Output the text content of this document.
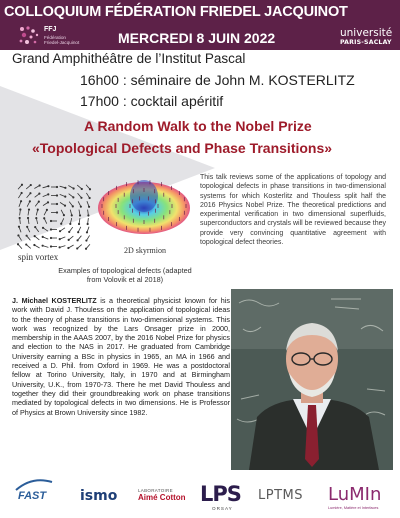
COLLOQUIUM FÉDÉRATION FRIEDEL JACQUINOT
FFJ
Fédération
Friedel-Jacquinot	MERCREDI 8 JUIN 2022	université
PARIS-SACLAY
Grand Amphithéâtre de l’Institut Pascal
16h00 : séminaire de John M. KOSTERLITZ
17h00 : cocktail apéritif
A Random Walk to the Nobel Prize
«Topological Defects and Phase Transitions»
This talk reviews some of the applications of topology and topological defects in phase transitions in two-dimensional systems for which Kosterlitz and Thouless split half the 2016 Physics Nobel Prize. The theoretical predictions and experimental verification in two dimensional superfluids, superconductors and crystals will be reviewed because they provide very convincing quantitative agreement with topological defect theories.
spin vortex
2D skyrmion
Examples of topological defects (adapted from Volovik et al 2018)
J. Michael KOSTERLITZ is a theoretical physicist known for his work with David J. Thouless on the application of topological ideas to the theory of phase transitions in two-dimensional systems. This work was recognized by the Lars Onsager prize in 2000, membership in the AAAS 2007, by the 2016 Nobel Prize for physics and election to the NAS in 2017. He graduated from Cambridge University earning a BSc in physics in 1965, an MA in 1966 and received a D. Phil. from Oxford in 1969. He was a postdoctoral fellow at Torino University, Italy, in 1970 and at Birmingham University, U.K., from 1970-73. There he met David Thouless and together they did their groundbreaking work on phase transitions mediated by topological defects in two dimensions. He is Professor of Physics at Brown University since 1982.
FAST ismo	LABORATOIRE
Aimé Cotton LPS
ORSAY
LPTMS LuMIn
Lumière, Matière et Interfaces
